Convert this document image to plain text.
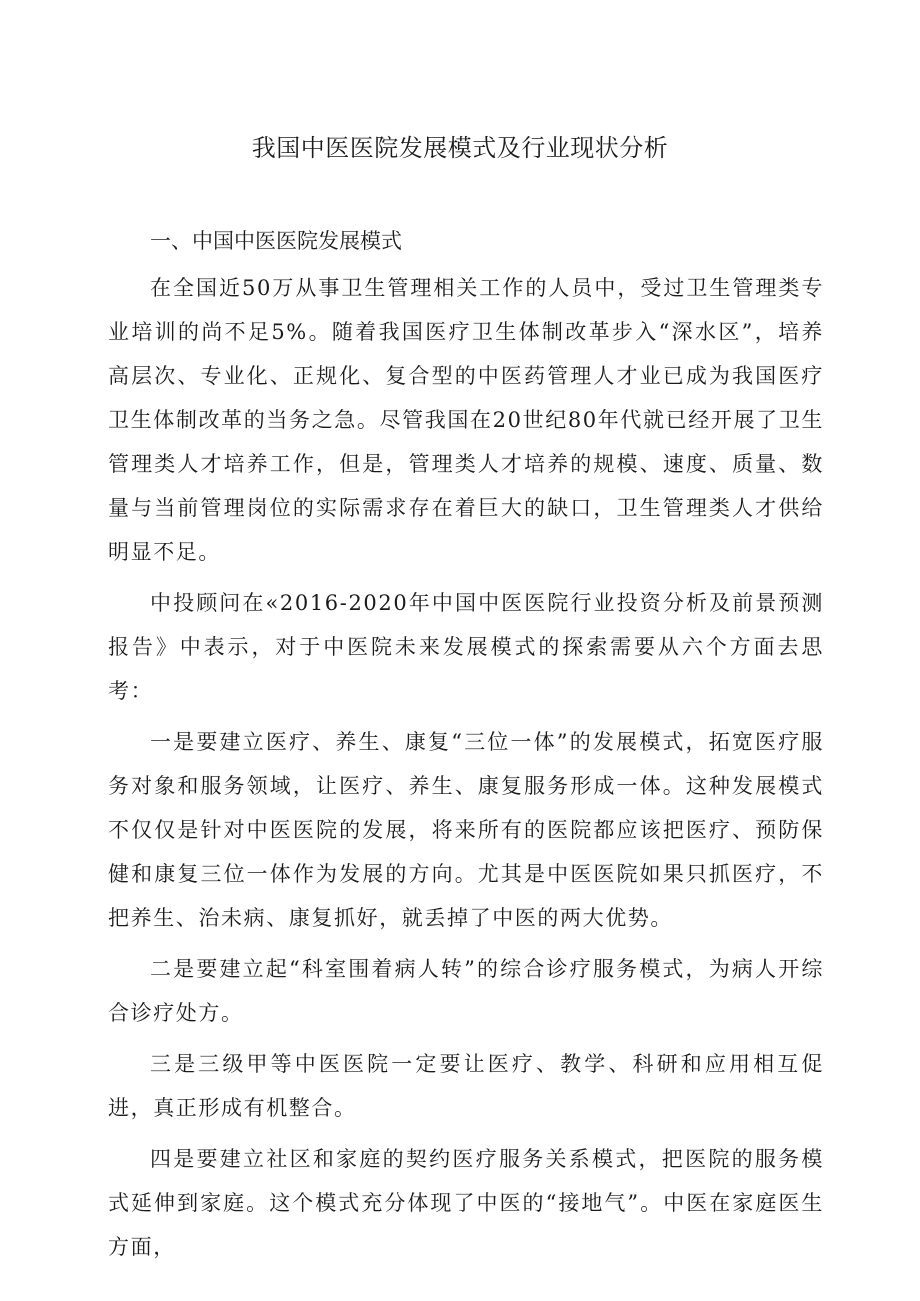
我国中医医院发展模式及行业现状分析
一、中国中医医院发展模式

在全国近50万从事卫生管理相关工作的人员中，受过卫生管理类专业培训的尚不足5%。随着我国医疗卫生体制改革步入“深水区”，培养高层次、专业化、正规化、复合型的中医药管理人才业已成为我国医疗卫生体制改革的当务之急。尽管我国在20世纪80年代就已经开展了卫生管理类人才培养工作，但是，管理类人才培养的规模、速度、质量、数量与当前管理岗位的实际需求存在着巨大的缺口，卫生管理类人才供给明显不足。

中投顾问在«2016-2020年中国中医医院行业投资分析及前景预测报告》中表示，对于中医院未来发展模式的探索需要从六个方面去思考：

一是要建立医疗、养生、康复“三位一体”的发展模式，拓宽医疗服务对象和服务领域，让医疗、养生、康复服务形成一体。这种发展模式不仅仅是针对中医医院的发展，将来所有的医院都应该把医疗、预防保健和康复三位一体作为发展的方向。尤其是中医医院如果只抓医疗，不把养生、治未病、康复抓好，就丢掉了中医的两大优势。

二是要建立起“科室围着病人转”的综合诊疗服务模式，为病人开综合诊疗处方。

三是三级甲等中医医院一定要让医疗、教学、科研和应用相互促进，真正形成有机整合。

四是要建立社区和家庭的契约医疗服务关系模式，把医院的服务模式延伸到家庭。这个模式充分体现了中医的“接地气”。中医在家庭医生方面，
